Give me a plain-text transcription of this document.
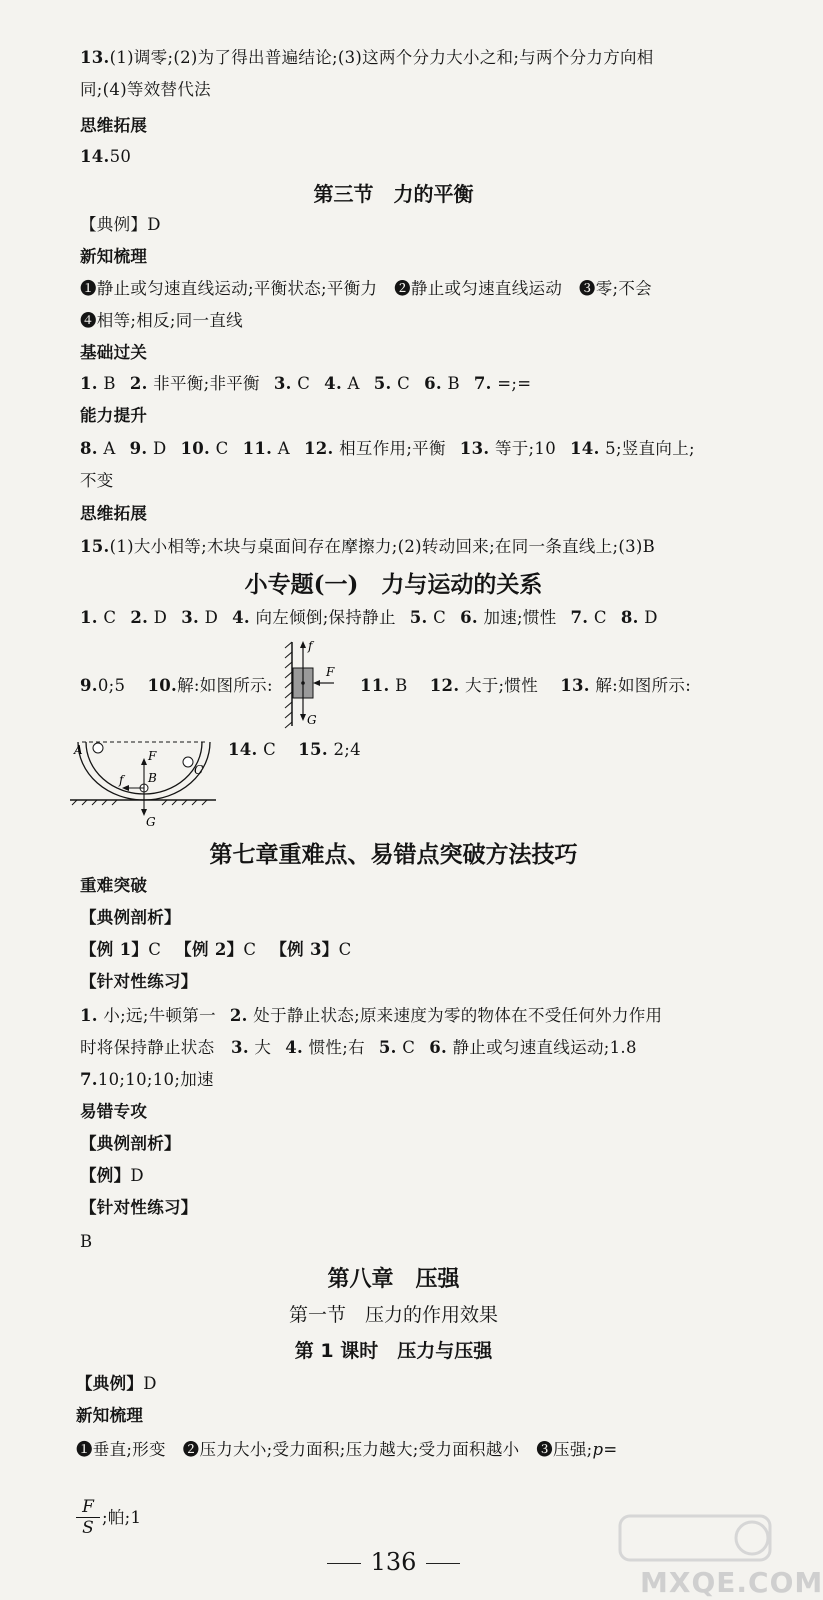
13.(1)调零;(2)为了得出普遍结论;(3)这两个分力大小之和;与两个分力方向相
同;(4)等效替代法
思维拓展
14.50
第三节　力的平衡
【典例】D
新知梳理
❶静止或匀速直线运动;平衡状态;平衡力　❷静止或匀速直线运动　❸零;不会
❹相等;相反;同一直线
基础过关
1. B 2. 非平衡;非平衡 3. C 4. A 5. C 6. B 7. =;=
能力提升
8. A 9. D 10. C 11. A 12. 相互作用;平衡 13. 等于;10 14. 5;竖直向上;
不变
思维拓展
15.(1)大小相等;木块与桌面间存在摩擦力;(2)转动回来;在同一条直线上;(3)B
小专题(一)　力与运动的关系
1. C 2. D 3. D 4. 向左倾倒;保持静止 5. C 6. 加速;惯性 7. C 8. D
9.0;5 10.解:如图所示:	11. B 12. 大于;惯性 13. 解:如图所示:
f
F
G
A	F
f B
C
G
14. C 15. 2;4
第七章重难点、易错点突破方法技巧
重难突破
【典例剖析】
【例 1】C 【例 2】C 【例 3】C
【针对性练习】
1. 小;远;牛顿第一 2. 处于静止状态;原来速度为零的物体在不受任何外力作用
时将保持静止状态 3. 大 4. 惯性;右 5. C 6. 静止或匀速直线运动;1.8
7.10;10;10;加速
易错专攻
【典例剖析】
【例】D
【针对性练习】
B
第八章　压强
第一节　压力的作用效果
第 1 课时　压力与压强
【典例】D
新知梳理
❶垂直;形变　❷压力大小;受力面积;压力越大;受力面积越小　❸压强;p=
F
S
;帕;1
136
MXQE.COM
